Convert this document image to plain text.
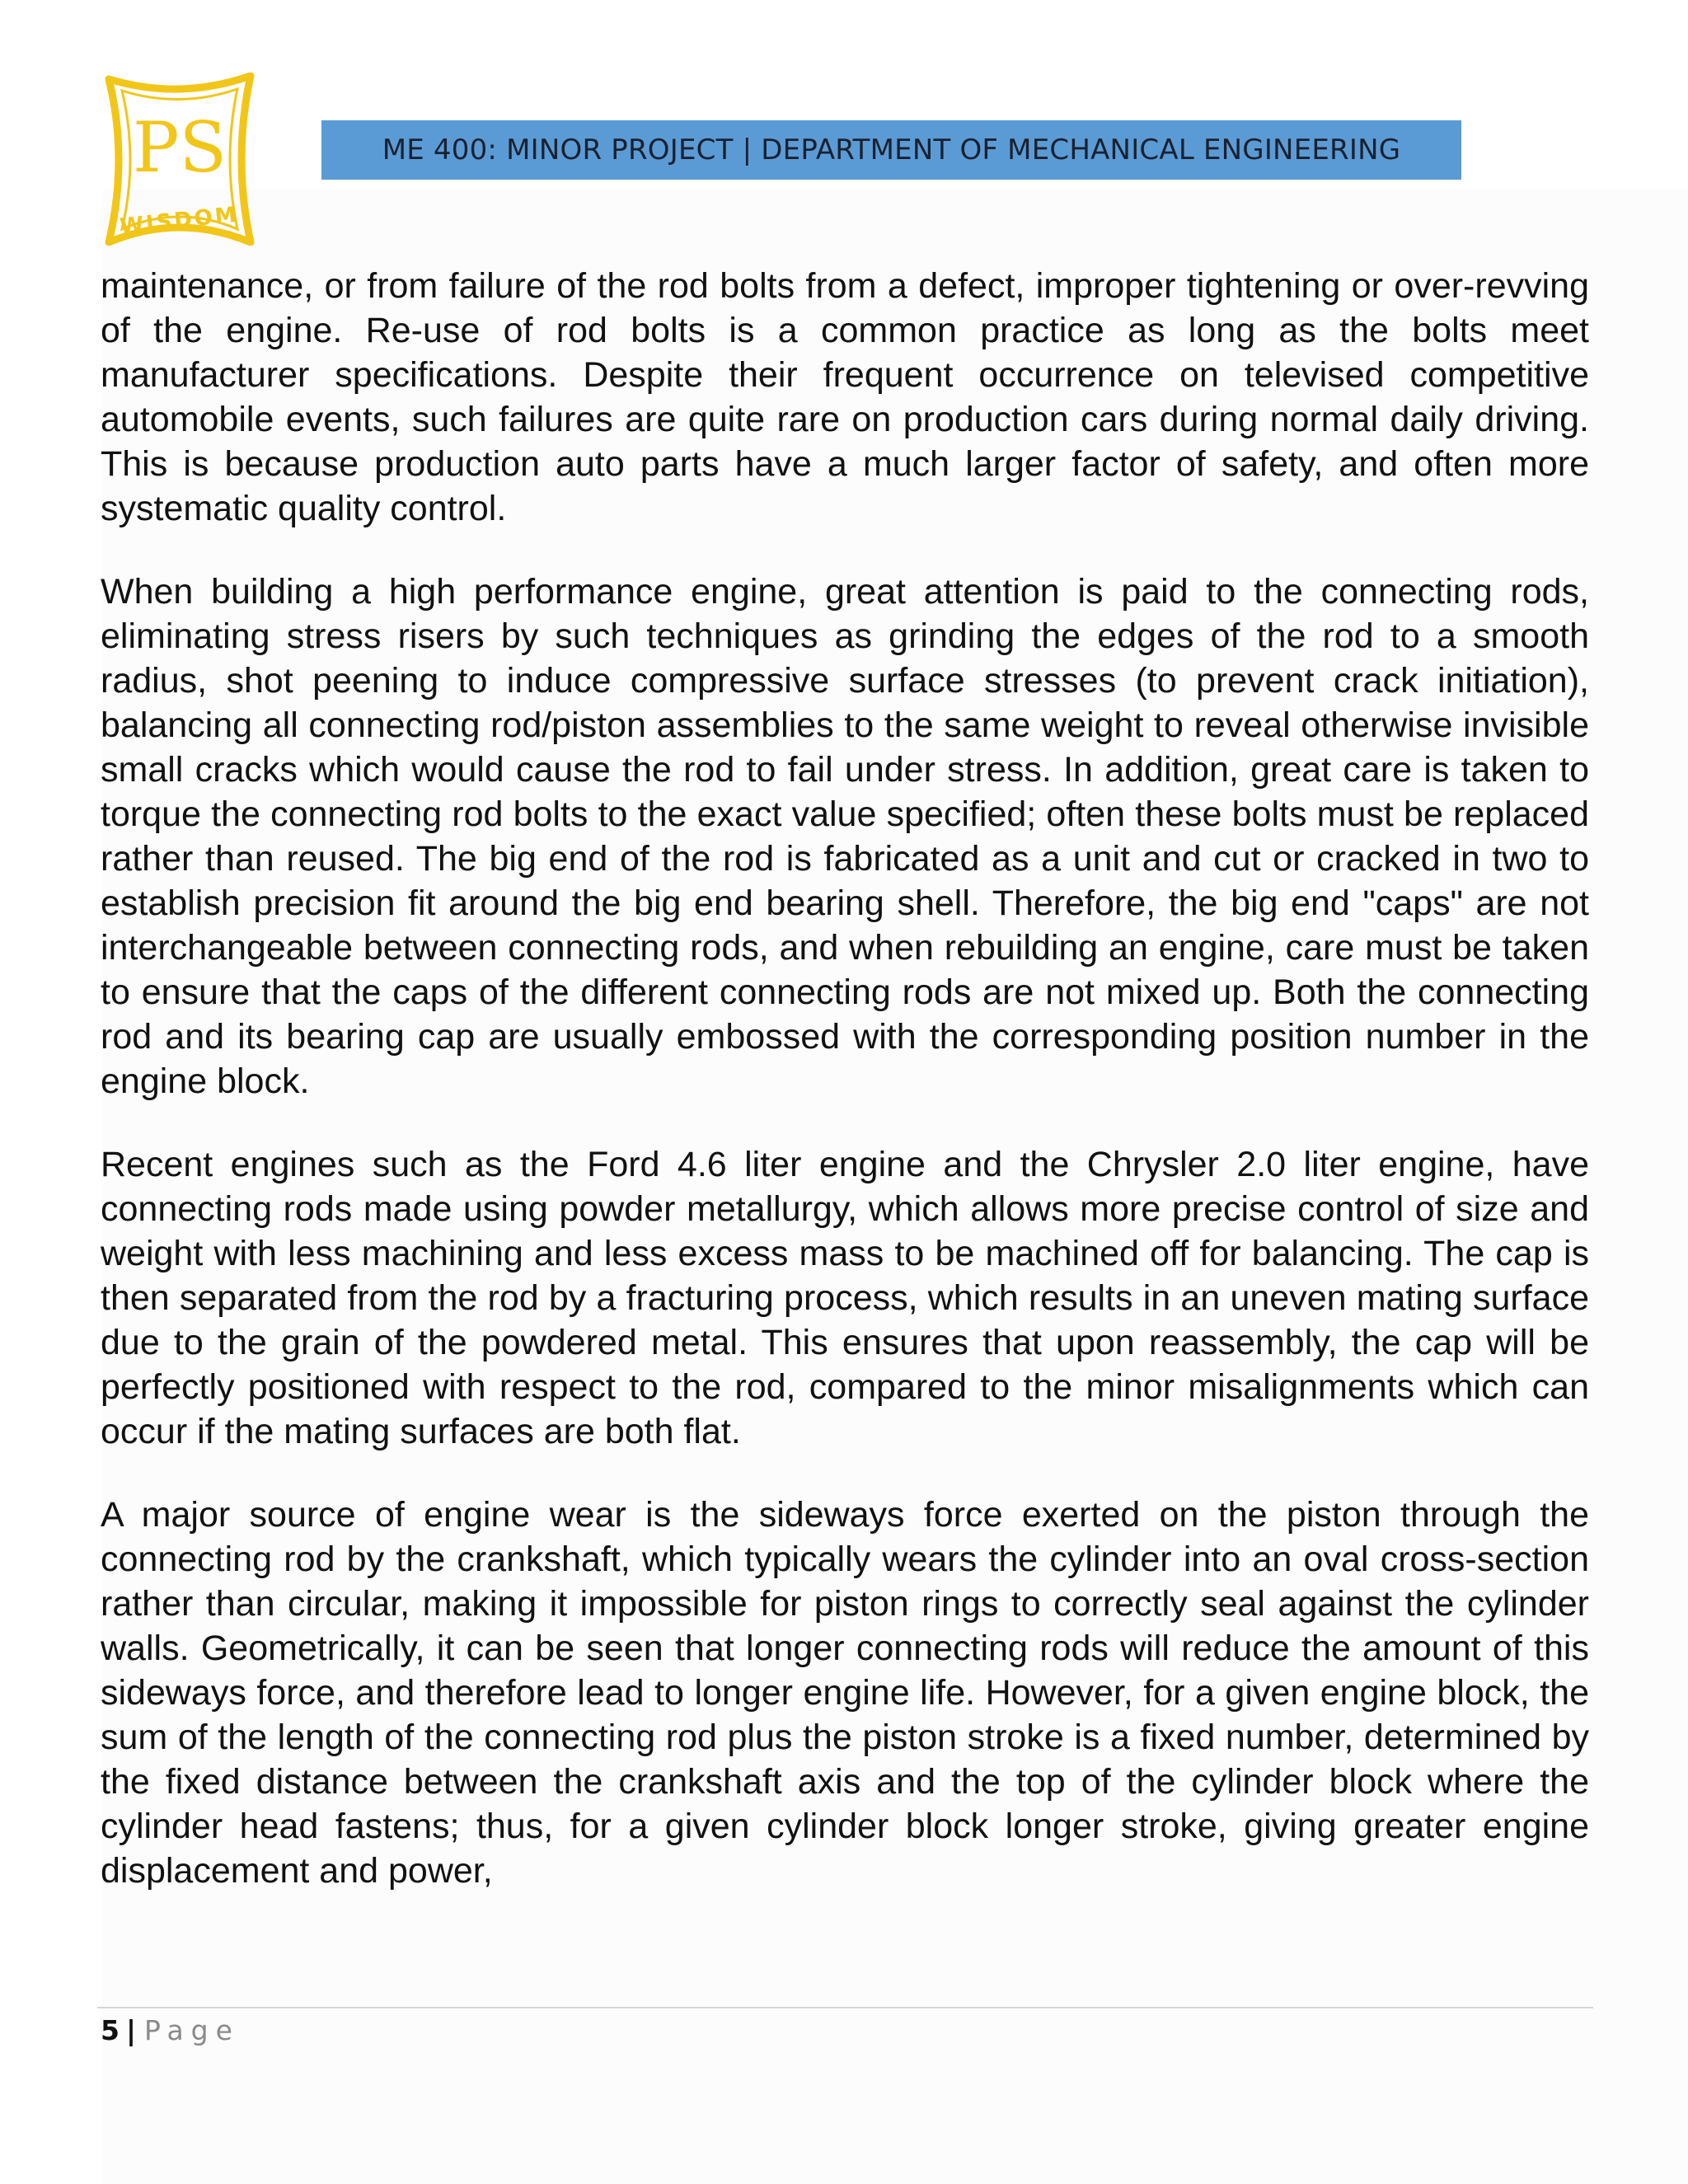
PS
WISDOM
ME 400: MINOR PROJECT | DEPARTMENT OF MECHANICAL ENGINEERING

maintenance, or from failure of the rod bolts from a defect, improper tightening or over-revving of the engine. Re-use of rod bolts is a common practice as long as the bolts meet manufacturer specifications. Despite their frequent occurrence on televised competitive automobile events, such failures are quite rare on production cars during normal daily driving. This is because production auto parts have a much larger factor of safety, and often more systematic quality control.

When building a high performance engine, great attention is paid to the connecting rods, eliminating stress risers by such techniques as grinding the edges of the rod to a smooth radius, shot peening to induce compressive surface stresses (to prevent crack initiation), balancing all connecting rod/piston assemblies to the same weight to reveal otherwise invisible small cracks which would cause the rod to fail under stress. In addition, great care is taken to torque the connecting rod bolts to the exact value specified; often these bolts must be replaced rather than reused. The big end of the rod is fabricated as a unit and cut or cracked in two to establish precision fit around the big end bearing shell. Therefore, the big end "caps" are not interchangeable between connecting rods, and when rebuilding an engine, care must be taken to ensure that the caps of the different connecting rods are not mixed up. Both the connecting rod and its bearing cap are usually embossed with the corresponding position number in the engine block.

Recent engines such as the Ford 4.6 liter engine and the Chrysler 2.0 liter engine, have connecting rods made using powder metallurgy, which allows more precise control of size and weight with less machining and less excess mass to be machined off for balancing. The cap is then separated from the rod by a fracturing process, which results in an uneven mating surface due to the grain of the powdered metal. This ensures that upon reassembly, the cap will be perfectly positioned with respect to the rod, compared to the minor misalignments which can occur if the mating surfaces are both flat.

A major source of engine wear is the sideways force exerted on the piston through the connecting rod by the crankshaft, which typically wears the cylinder into an oval cross-section rather than circular, making it impossible for piston rings to correctly seal against the cylinder walls. Geometrically, it can be seen that longer connecting rods will reduce the amount of this sideways force, and therefore lead to longer engine life. However, for a given engine block, the sum of the length of the connecting rod plus the piston stroke is a fixed number, determined by the fixed distance between the crankshaft axis and the top of the cylinder block where the cylinder head fastens; thus, for a given cylinder block longer stroke, giving greater engine displacement and power,

5 | Page
